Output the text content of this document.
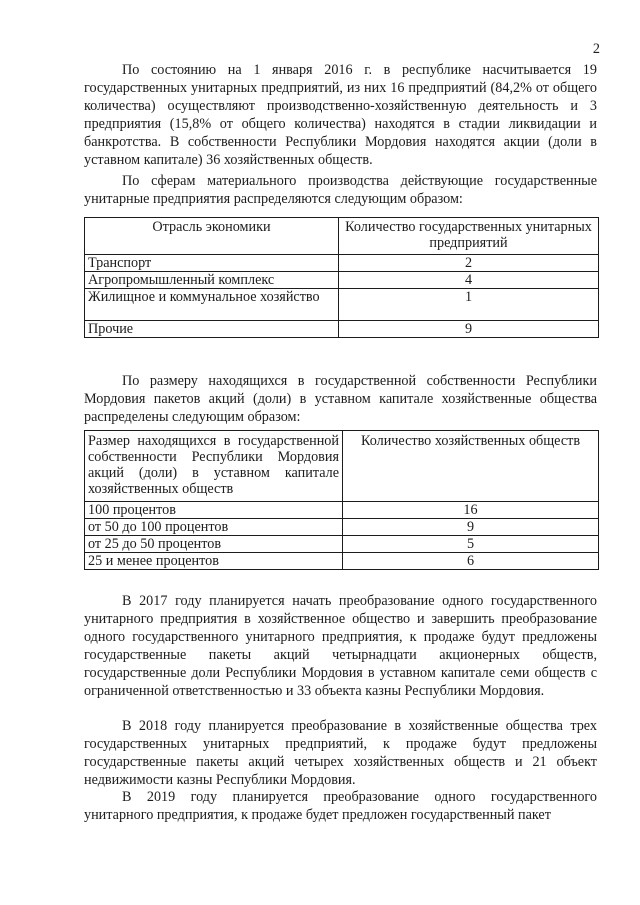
2
По состоянию на 1 января 2016 г. в республике насчитывается 19 государственных унитарных предприятий, из них 16 предприятий (84,2% от общего количества) осуществляют производственно-хозяйственную деятельность и 3 предприятия (15,8% от общего количества) находятся в стадии ликвидации и банкротства. В собственности Республики Мордовия находятся акции (доли в уставном капитале) 36 хозяйственных обществ.
По сферам материального производства действующие государственные унитарные предприятия распределяются следующим образом:
Отрасль экономики	Количество государственных унитарных предприятий
Транспорт	2
Агропромышленный комплекс	4
Жилищное и коммунальное хозяйство	1
Прочие	9
По размеру находящихся в государственной собственности Республики Мордовия пакетов акций (доли) в уставном капитале хозяйственные общества распределены следующим образом:
Размер находящихся в государственной собственности Республики Мордовия акций (доли) в уставном капитале хозяйственных обществ	Количество хозяйственных обществ
100 процентов	16
от 50 до 100 процентов	9
от 25 до 50 процентов	5
25 и менее процентов	6
В 2017 году планируется начать преобразование одного государственного унитарного предприятия в хозяйственное общество и завершить преобразование одного государственного унитарного предприятия, к продаже будут предложены государственные пакеты акций четырнадцати акционерных обществ, государственные доли Республики Мордовия в уставном капитале семи обществ с ограниченной ответственностью и 33 объекта казны Республики Мордовия.
В 2018 году планируется преобразование в хозяйственные общества трех государственных унитарных предприятий, к продаже будут предложены государственные пакеты акций четырех хозяйственных обществ и 21 объект недвижимости казны Республики Мордовия.
В 2019 году планируется преобразование одного государственного унитарного предприятия, к продаже будет предложен государственный пакет
